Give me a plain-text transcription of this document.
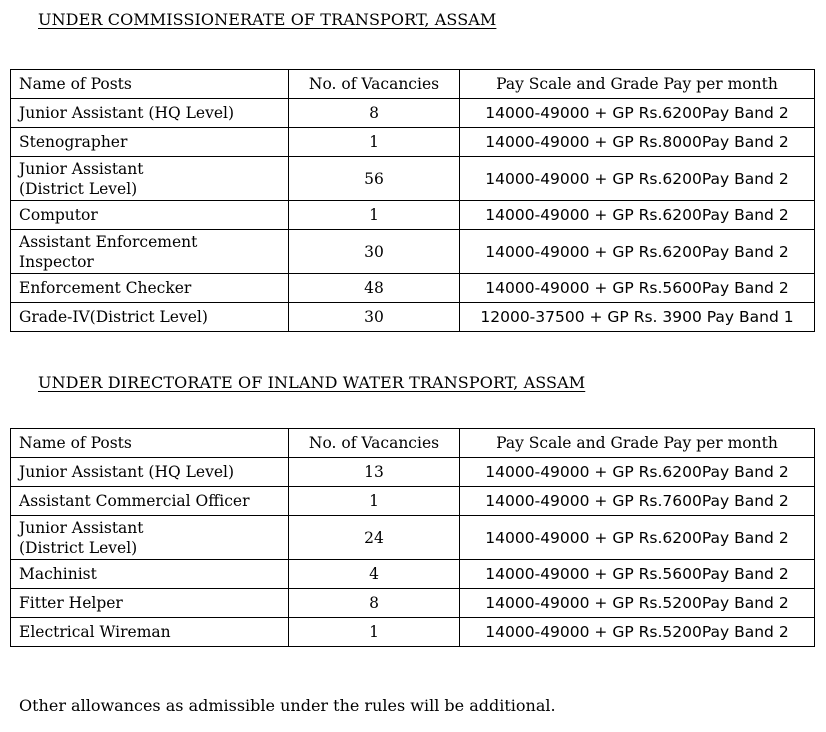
UNDER COMMISSIONERATE OF TRANSPORT, ASSAM
Name of Posts	No. of Vacancies	Pay Scale and Grade Pay per month

Junior Assistant (HQ Level)	8	14000-49000 + GP Rs.6200Pay Band 2

Stenographer	1	14000-49000 + GP Rs.8000Pay Band 2

Junior Assistant
(District Level)	56	14000-49000 + GP Rs.6200Pay Band 2

Computor	1	14000-49000 + GP Rs.6200Pay Band 2

Assistant Enforcement
Inspector	30	14000-49000 + GP Rs.6200Pay Band 2

Enforcement Checker	48	14000-49000 + GP Rs.5600Pay Band 2

Grade-IV(District Level)	30	12000-37500 + GP Rs. 3900 Pay Band 1
UNDER DIRECTORATE OF INLAND WATER TRANSPORT, ASSAM
Name of Posts	No. of Vacancies	Pay Scale and Grade Pay per month

Junior Assistant (HQ Level)	13	14000-49000 + GP Rs.6200Pay Band 2

Assistant Commercial Officer	1	14000-49000 + GP Rs.7600Pay Band 2

Junior Assistant
(District Level)	24	14000-49000 + GP Rs.6200Pay Band 2

Machinist	4	14000-49000 + GP Rs.5600Pay Band 2

Fitter Helper	8	14000-49000 + GP Rs.5200Pay Band 2

Electrical Wireman	1	14000-49000 + GP Rs.5200Pay Band 2
Other allowances as admissible under the rules will be additional.
